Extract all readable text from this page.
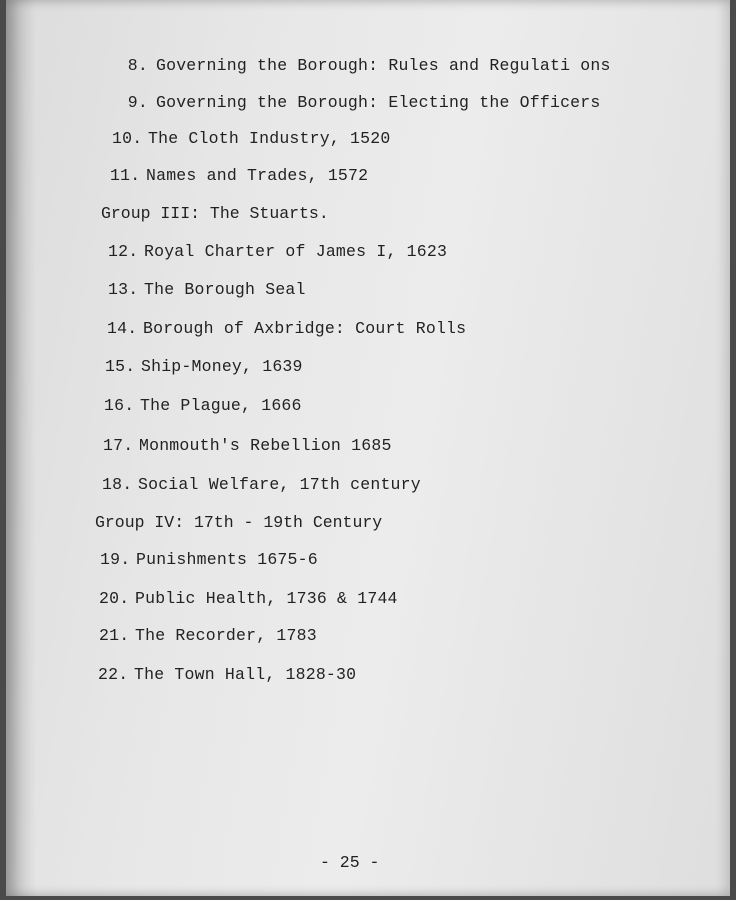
8. Governing the Borough: Rules and Regulati ons
9. Governing the Borough: Electing the Officers
10. The Cloth Industry, 1520
11. Names and Trades, 1572
Group III: The Stuarts.
12. Royal Charter of James I, 1623
13. The Borough Seal
14. Borough of Axbridge: Court Rolls
15. Ship-Money, 1639
16. The Plague, 1666
17. Monmouth's Rebellion 1685
18. Social Welfare, 17th century
Group IV: 17th - 19th Century
19. Punishments 1675-6
20. Public Health, 1736 & 1744
21. The Recorder, 1783
22. The Town Hall, 1828-30
- 25 -
